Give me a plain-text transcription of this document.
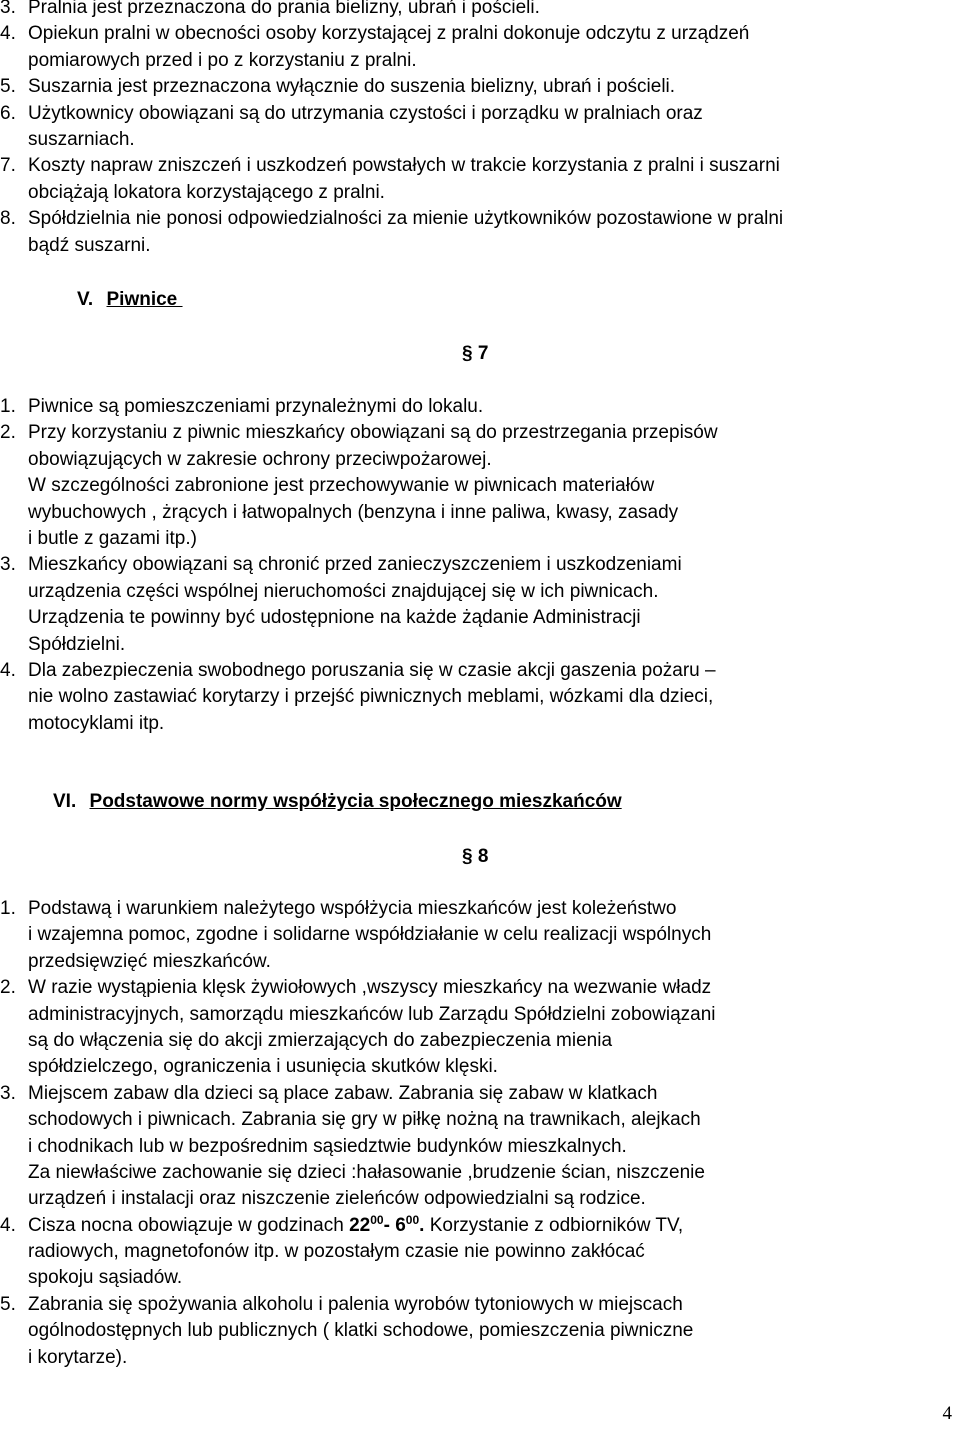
3. Pralnia jest przeznaczona do prania bielizny, ubrań i pościeli.
4. Opiekun pralni w obecności osoby korzystającej z pralni dokonuje odczytu z urządzeń
pomiarowych przed i po z korzystaniu z pralni.
5. Suszarnia jest przeznaczona wyłącznie do suszenia bielizny, ubrań i pościeli.
6. Użytkownicy obowiązani są do utrzymania czystości i porządku w pralniach oraz
suszarniach.
7. Koszty napraw zniszczeń i uszkodzeń powstałych w trakcie korzystania z pralni i suszarni
obciążają lokatora korzystającego z pralni.
8. Spółdzielnia nie ponosi odpowiedzialności za mienie użytkowników pozostawione w pralni
bądź suszarni.
V. Piwnice
§ 7
1. Piwnice są pomieszczeniami przynależnymi do lokalu.
2. Przy korzystaniu z piwnic mieszkańcy obowiązani są do przestrzegania przepisów
obowiązujących w zakresie ochrony przeciwpożarowej.
W szczególności zabronione jest przechowywanie w piwnicach materiałów
wybuchowych , żrących i łatwopalnych (benzyna i inne paliwa, kwasy, zasady
i butle z gazami itp.)
3. Mieszkańcy obowiązani są chronić przed zanieczyszczeniem i uszkodzeniami
urządzenia części wspólnej nieruchomości znajdującej się w ich piwnicach.
Urządzenia te powinny być udostępnione na każde żądanie Administracji
Spółdzielni.
4. Dla zabezpieczenia swobodnego poruszania się w czasie akcji gaszenia pożaru –
nie wolno zastawiać korytarzy i przejść piwnicznych meblami, wózkami dla dzieci,
motocyklami itp.
VI. Podstawowe normy współżycia społecznego mieszkańców
§ 8
1. Podstawą i warunkiem należytego współżycia mieszkańców jest koleżeństwo
i wzajemna pomoc, zgodne i solidarne współdziałanie w celu realizacji wspólnych
przedsięwzięć mieszkańców.
2. W razie wystąpienia klęsk żywiołowych ,wszyscy mieszkańcy na wezwanie władz
administracyjnych, samorządu mieszkańców lub Zarządu Spółdzielni zobowiązani
są do włączenia się do akcji zmierzających do zabezpieczenia mienia
spółdzielczego, ograniczenia i usunięcia skutków klęski.
3. Miejscem zabaw dla dzieci są place zabaw. Zabrania się zabaw w klatkach
schodowych i piwnicach. Zabrania się gry w piłkę nożną na trawnikach, alejkach
i chodnikach lub w bezpośrednim sąsiedztwie budynków mieszkalnych.
Za niewłaściwe zachowanie się dzieci :hałasowanie ,brudzenie ścian, niszczenie
urządzeń i instalacji oraz niszczenie zieleńców odpowiedzialni są rodzice.
4. Cisza nocna obowiązuje w godzinach $22^{00}-$ $6^{00}$. Korzystanie z odbiorników TV,
radiowych, magnetofonów itp. w pozostałym czasie nie powinno zakłócać
spokoju sąsiadów.
5. Zabrania się spożywania alkoholu i palenia wyrobów tytoniowych w miejscach
ogólnodostępnych lub publicznych ( klatki schodowe, pomieszczenia piwniczne
i korytarze).
4
